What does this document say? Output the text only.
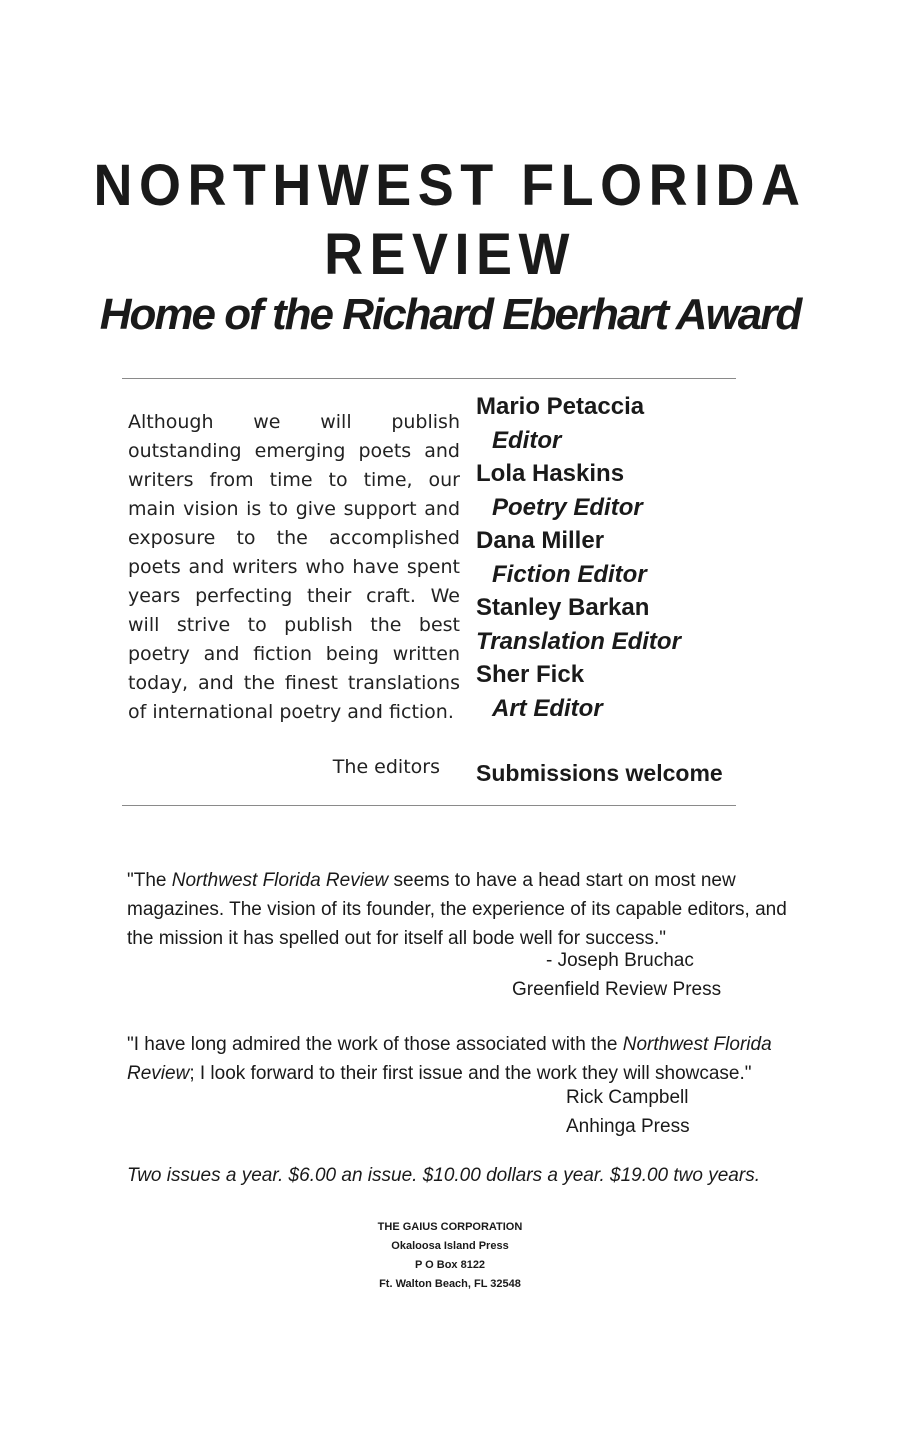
NORTHWEST FLORIDA
REVIEW
Home of the Richard Eberhart Award
Although we will publish outstanding emerging poets and writers from time to time, our main vision is to give support and exposure to the accomplished poets and writers who have spent years perfecting their craft. We will strive to publish the best poetry and fiction being written today, and the finest translations of international poetry and fiction.
The editors
Mario Petaccia
Editor
Lola Haskins
Poetry Editor
Dana Miller
Fiction Editor
Stanley Barkan
Translation Editor
Sher Fick
Art Editor
Submissions welcome
"The Northwest Florida Review seems to have a head start on most new magazines. The vision of its founder, the experience of its capable editors, and the mission it has spelled out for itself all bode well for success."
- Joseph Bruchac
Greenfield Review Press
"I have long admired the work of those associated with the Northwest Florida Review; I look forward to their first issue and the work they will showcase."
Rick Campbell
Anhinga Press
Two issues a year. $6.00 an issue. $10.00 dollars a year. $19.00 two years.
THE GAIUS CORPORATION
Okaloosa Island Press
P O Box 8122
Ft. Walton Beach, FL 32548
